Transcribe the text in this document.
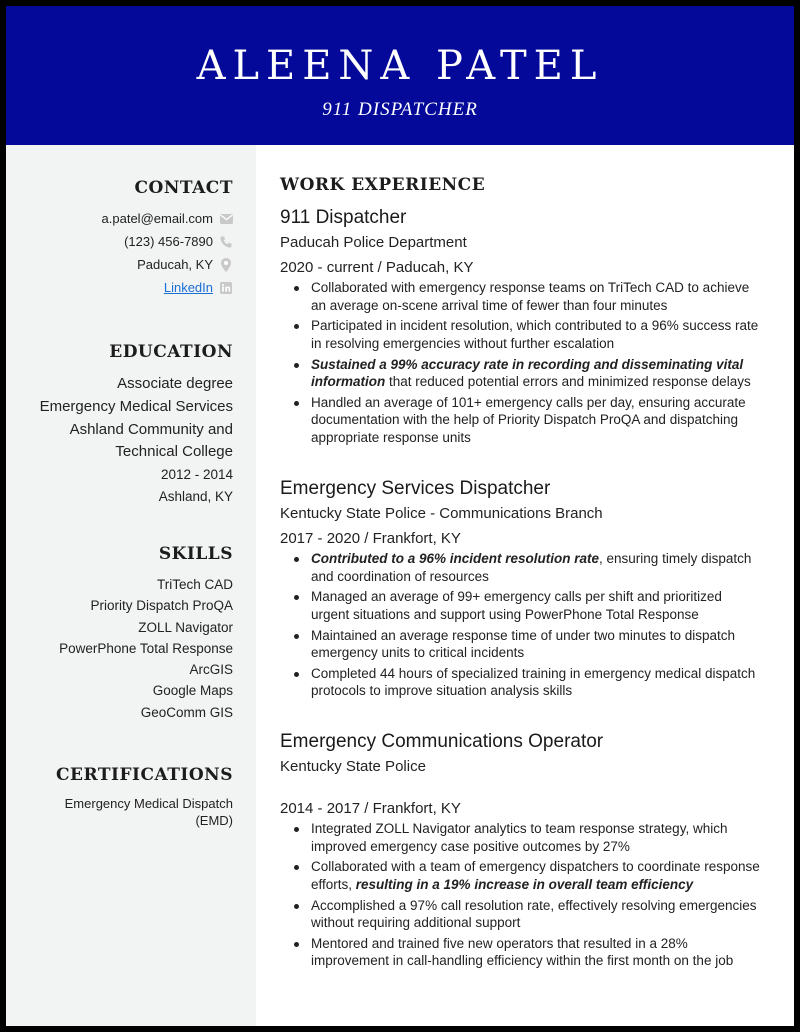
ALEENA PATEL
911 DISPATCHER
CONTACT
a.patel@email.com
(123) 456-7890
Paducah, KY
LinkedIn
EDUCATION
Associate degree
Emergency Medical Services
Ashland Community and
Technical College
2012 - 2014
Ashland, KY
SKILLS
TriTech CAD
Priority Dispatch ProQA
ZOLL Navigator
PowerPhone Total Response
ArcGIS
Google Maps
GeoComm GIS
CERTIFICATIONS
Emergency Medical Dispatch
(EMD)
WORK EXPERIENCE
911 Dispatcher
Paducah Police Department
2020 - current / Paducah, KY
Collaborated with emergency response teams on TriTech CAD to achieve an average on-scene arrival time of fewer than four minutes
Participated in incident resolution, which contributed to a 96% success rate in resolving emergencies without further escalation
Sustained a 99% accuracy rate in recording and disseminating vital information that reduced potential errors and minimized response delays
Handled an average of 101+ emergency calls per day, ensuring accurate documentation with the help of Priority Dispatch ProQA and dispatching appropriate response units
Emergency Services Dispatcher
Kentucky State Police - Communications Branch
2017 - 2020 / Frankfort, KY
Contributed to a 96% incident resolution rate, ensuring timely dispatch and coordination of resources
Managed an average of 99+ emergency calls per shift and prioritized urgent situations and support using PowerPhone Total Response
Maintained an average response time of under two minutes to dispatch emergency units to critical incidents
Completed 44 hours of specialized training in emergency medical dispatch protocols to improve situation analysis skills
Emergency Communications Operator
Kentucky State Police
2014 - 2017 / Frankfort, KY
Integrated ZOLL Navigator analytics to team response strategy, which improved emergency case positive outcomes by 27%
Collaborated with a team of emergency dispatchers to coordinate response efforts, resulting in a 19% increase in overall team efficiency
Accomplished a 97% call resolution rate, effectively resolving emergencies without requiring additional support
Mentored and trained five new operators that resulted in a 28% improvement in call-handling efficiency within the first month on the job
